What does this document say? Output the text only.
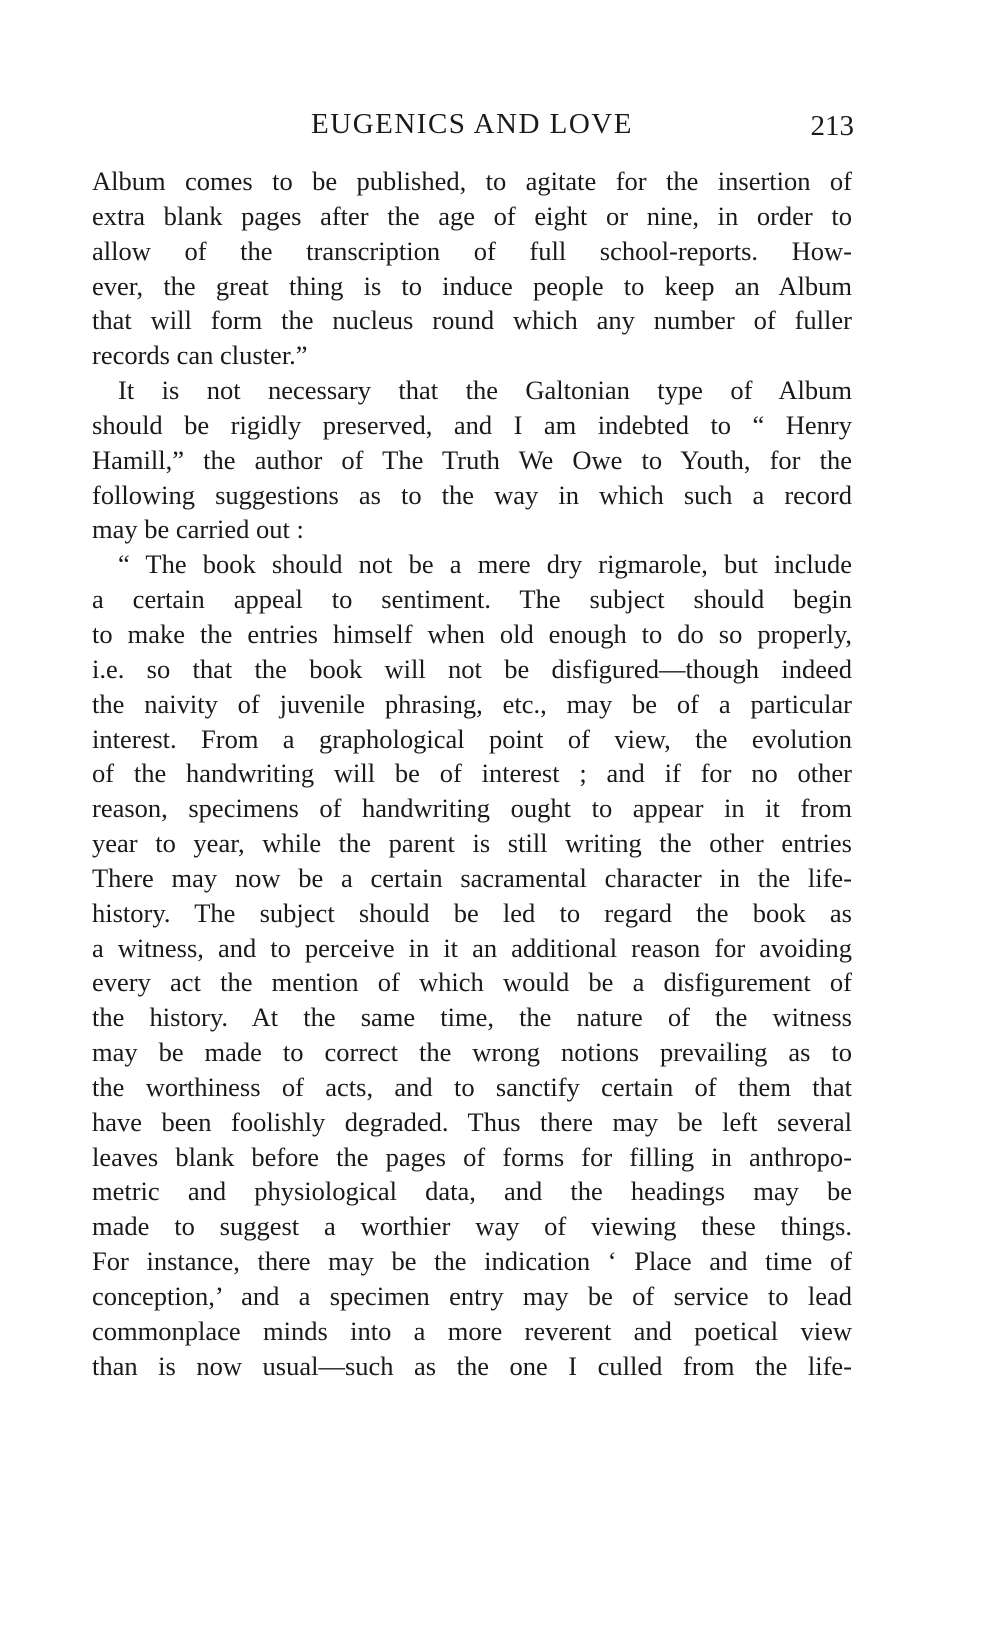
EUGENICS AND LOVE	213
Album comes to be published, to agitate for the insertion of
extra blank pages after the age of eight or nine, in order to
allow of the transcription of full school-reports. How-
ever, the great thing is to induce people to keep an Album
that will form the nucleus round which any number of fuller
records can cluster.”
It is not necessary that the Galtonian type of Album
should be rigidly preserved, and I am indebted to “ Henry
Hamill,” the author of The Truth We Owe to Youth, for the
following suggestions as to the way in which such a record
may be carried out :
“ The book should not be a mere dry rigmarole, but include
a certain appeal to sentiment. The subject should begin
to make the entries himself when old enough to do so properly,
i.e. so that the book will not be disfigured—though indeed
the naivity of juvenile phrasing, etc., may be of a particular
interest. From a graphological point of view, the evolution
of the handwriting will be of interest ; and if for no other
reason, specimens of handwriting ought to appear in it from
year to year, while the parent is still writing the other entries
There may now be a certain sacramental character in the life-
history. The subject should be led to regard the book as
a witness, and to perceive in it an additional reason for avoiding
every act the mention of which would be a disfigurement of
the history. At the same time, the nature of the witness
may be made to correct the wrong notions prevailing as to
the worthiness of acts, and to sanctify certain of them that
have been foolishly degraded. Thus there may be left several
leaves blank before the pages of forms for filling in anthropo-
metric and physiological data, and the headings may be
made to suggest a worthier way of viewing these things.
For instance, there may be the indication ‘ Place and time of
conception,’ and a specimen entry may be of service to lead
commonplace minds into a more reverent and poetical view
than is now usual—such as the one I culled from the life-
